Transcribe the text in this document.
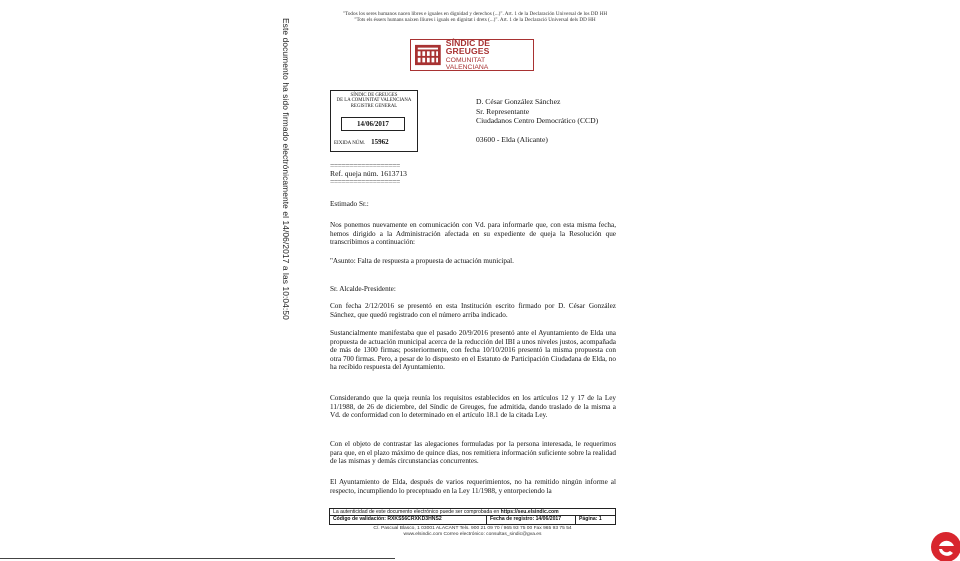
Este documento ha sido firmado electrónicamente el 14/06/2017 a las 10:04:50
"Todos los seres humanos nacen libres e iguales en dignidad y derechos (...)". Art. 1 de la Declaración Universal de los DD HH
"Tots els éssers humans naixen lliures i iguals en dignitat i drets (...)". Art. 1 de la Declaració Universal dels DD HH
SÍNDIC DE GREUGES
COMUNITAT VALENCIANA
SÍNDIC DE GREUGES
DE LA COMUNITAT VALENCIANA
REGISTRE GENERAL
14/06/2017
EIXIDA NÚM. 15962
D. César González Sánchez
Sr. Representante
Ciudadanos Centro Democrático (CCD)
03600 - Elda (Alicante)
==================
Ref. queja núm. 1613713
==================

Estimado Sr.:

Nos ponemos nuevamente en comunicación con Vd. para informarle que, con esta misma fecha, hemos dirigido a la Administración afectada en su expediente de queja la Resolución que transcribimos a continuación:

"Asunto: Falta de respuesta a propuesta de actuación municipal.

Sr. Alcalde-Presidente:

Con fecha 2/12/2016 se presentó en esta Institución escrito firmado por D. César González Sánchez, que quedó registrado con el número arriba indicado.

Sustancialmente manifestaba que el pasado 20/9/2016 presentó ante el Ayuntamiento de Elda una propuesta de actuación municipal acerca de la reducción del IBI a unos niveles justos, acompañada de más de 1300 firmas; posteriormente, con fecha 10/10/2016 presentó la misma propuesta con otra 700 firmas. Pero, a pesar de lo dispuesto en el Estatuto de Participación Ciudadana de Elda, no ha recibido respuesta del Ayuntamiento.

Considerando que la queja reunía los requisitos establecidos en los artículos 12 y 17 de la Ley 11/1988, de 26 de diciembre, del Síndic de Greuges, fue admitida, dando traslado de la misma a Vd. de conformidad con lo determinado en el artículo 18.1 de la citada Ley.

Con el objeto de contrastar las alegaciones formuladas por la persona interesada, le requerimos para que, en el plazo máximo de quince días, nos remitiera información suficiente sobre la realidad de las mismas y demás circunstancias concurrentes.

El Ayuntamiento de Elda, después de varios requerimientos, no ha remitido ningún informe al respecto, incumpliendo lo preceptuado en la Ley 11/1988, y entorpeciendo la

La autenticidad de este documento electrónico puede ser comprobada en https://seu.elsindic.com
Código de validación: RXKS56CRXKD3HNS2	Fecha de registro: 14/06/2017	Página: 1
C/. Pascual Blasco, 1 03001 ALACANT Tels. 900 21 09 70 / 965 93 75 00 Fax 965 93 75 54
www.elsindic.com Correo electrónico: consultas_sindic@gva.es
